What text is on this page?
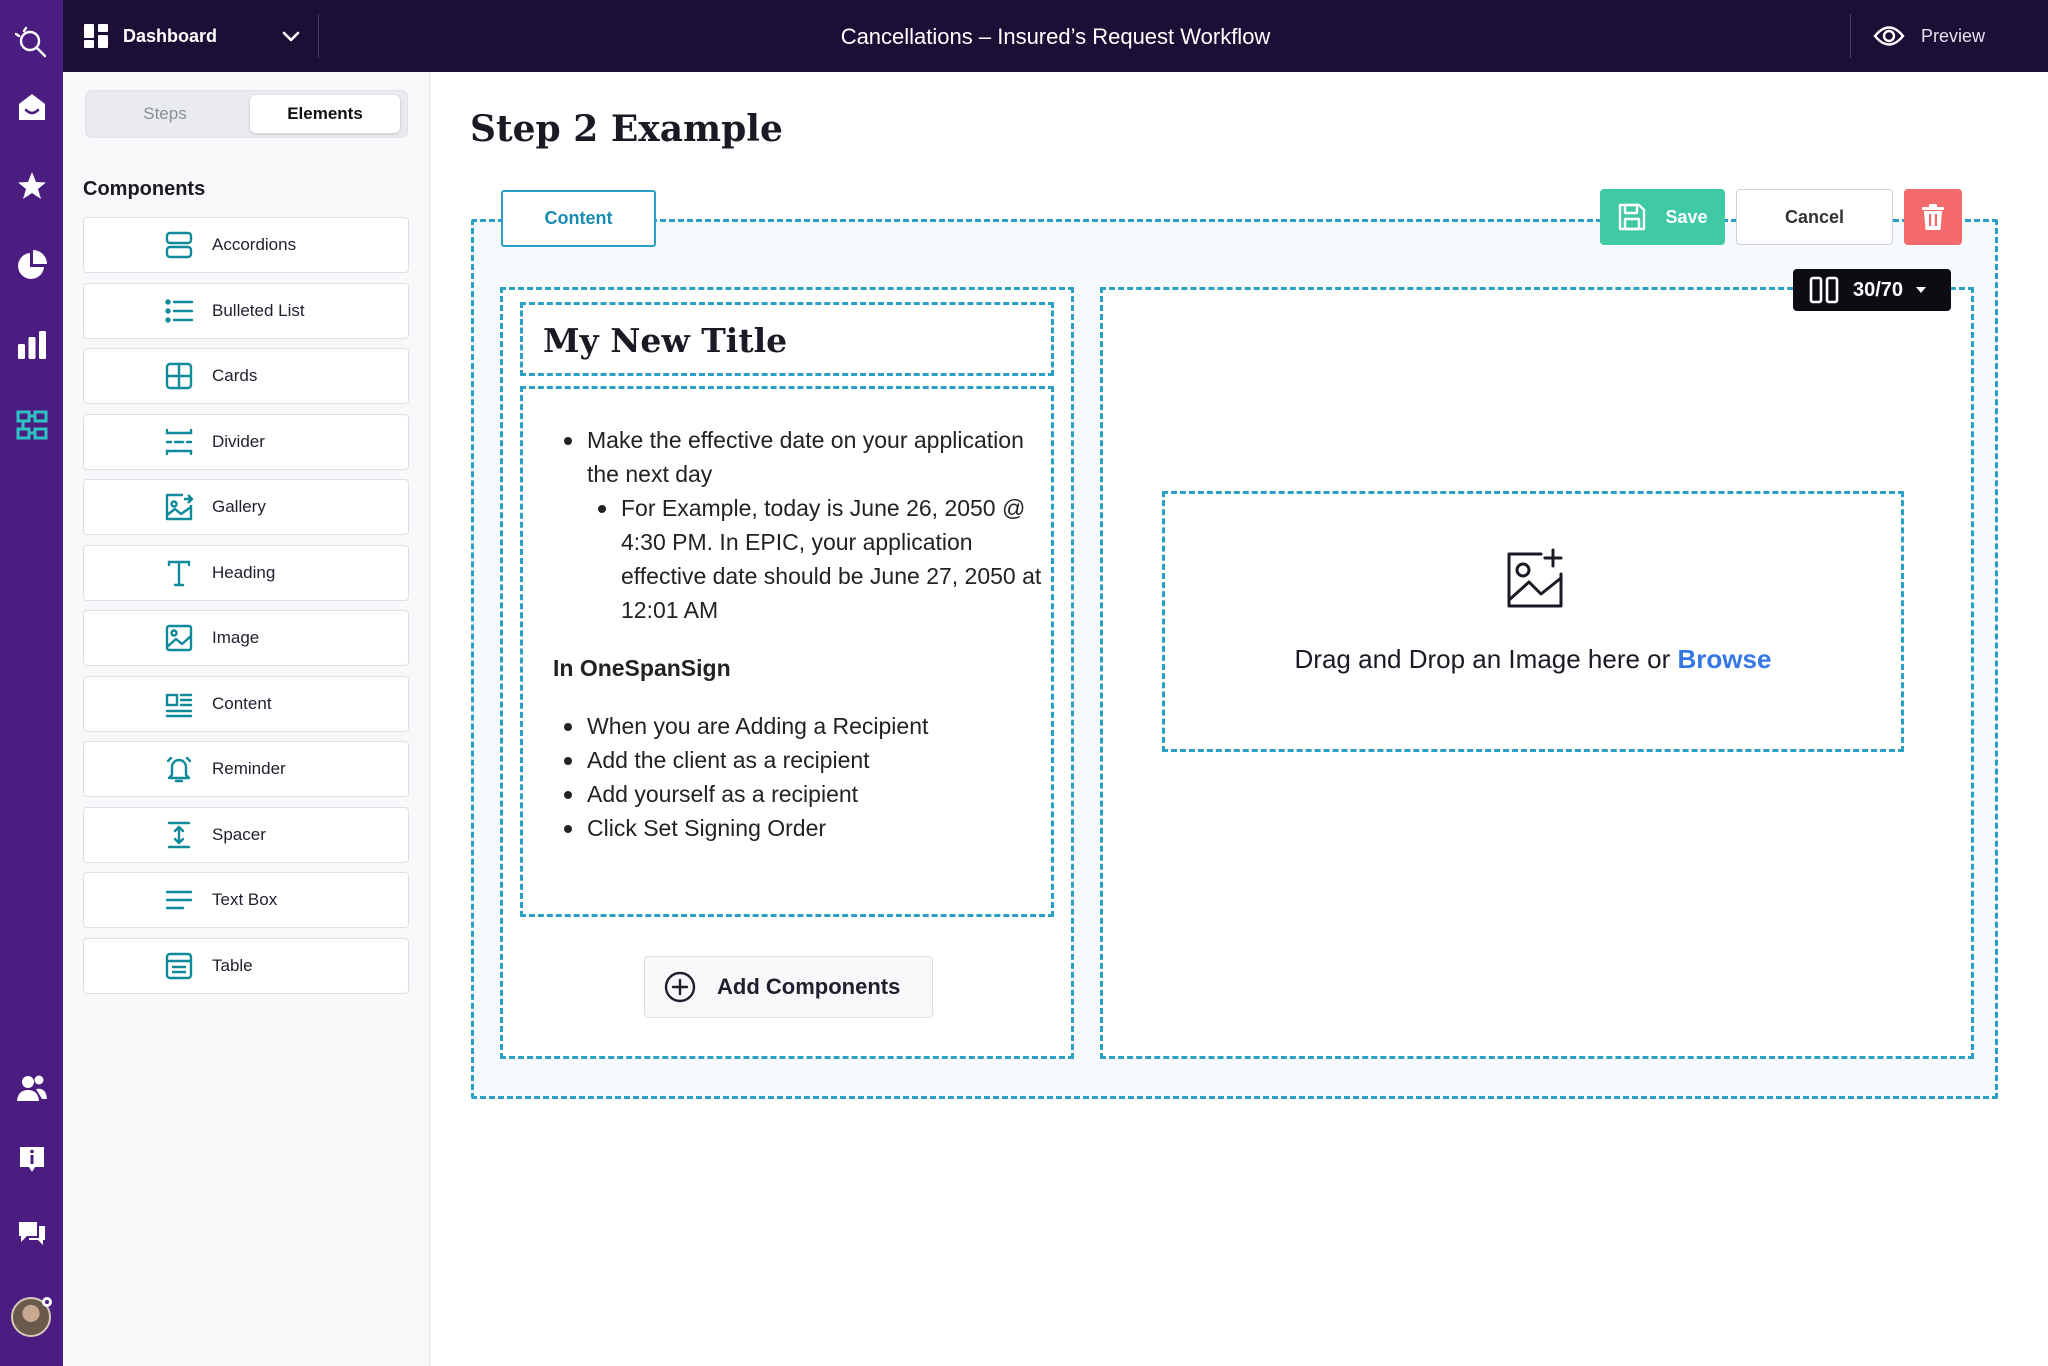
Dashboard	Cancellations – Insured’s Request Workflow	Preview
Steps	Elements
Components
Accordions
Bulleted List
Cards
Divider
Gallery
Heading
Image
Content
Reminder
Spacer
Text Box
Table
Step 2 Example
Content	Save	Cancel
My New Title
Make the effective date on your application the next day
For Example, today is June 26, 2050 @ 4:30 PM. In EPIC, your application effective date should be June 27, 2050 at 12:01 AM
In OneSpanSign
When you are Adding a Recipient
Add the client as a recipient
Add yourself as a recipient
Click Set Signing Order
Add Components
30/70
Drag and Drop an Image here or Browse
